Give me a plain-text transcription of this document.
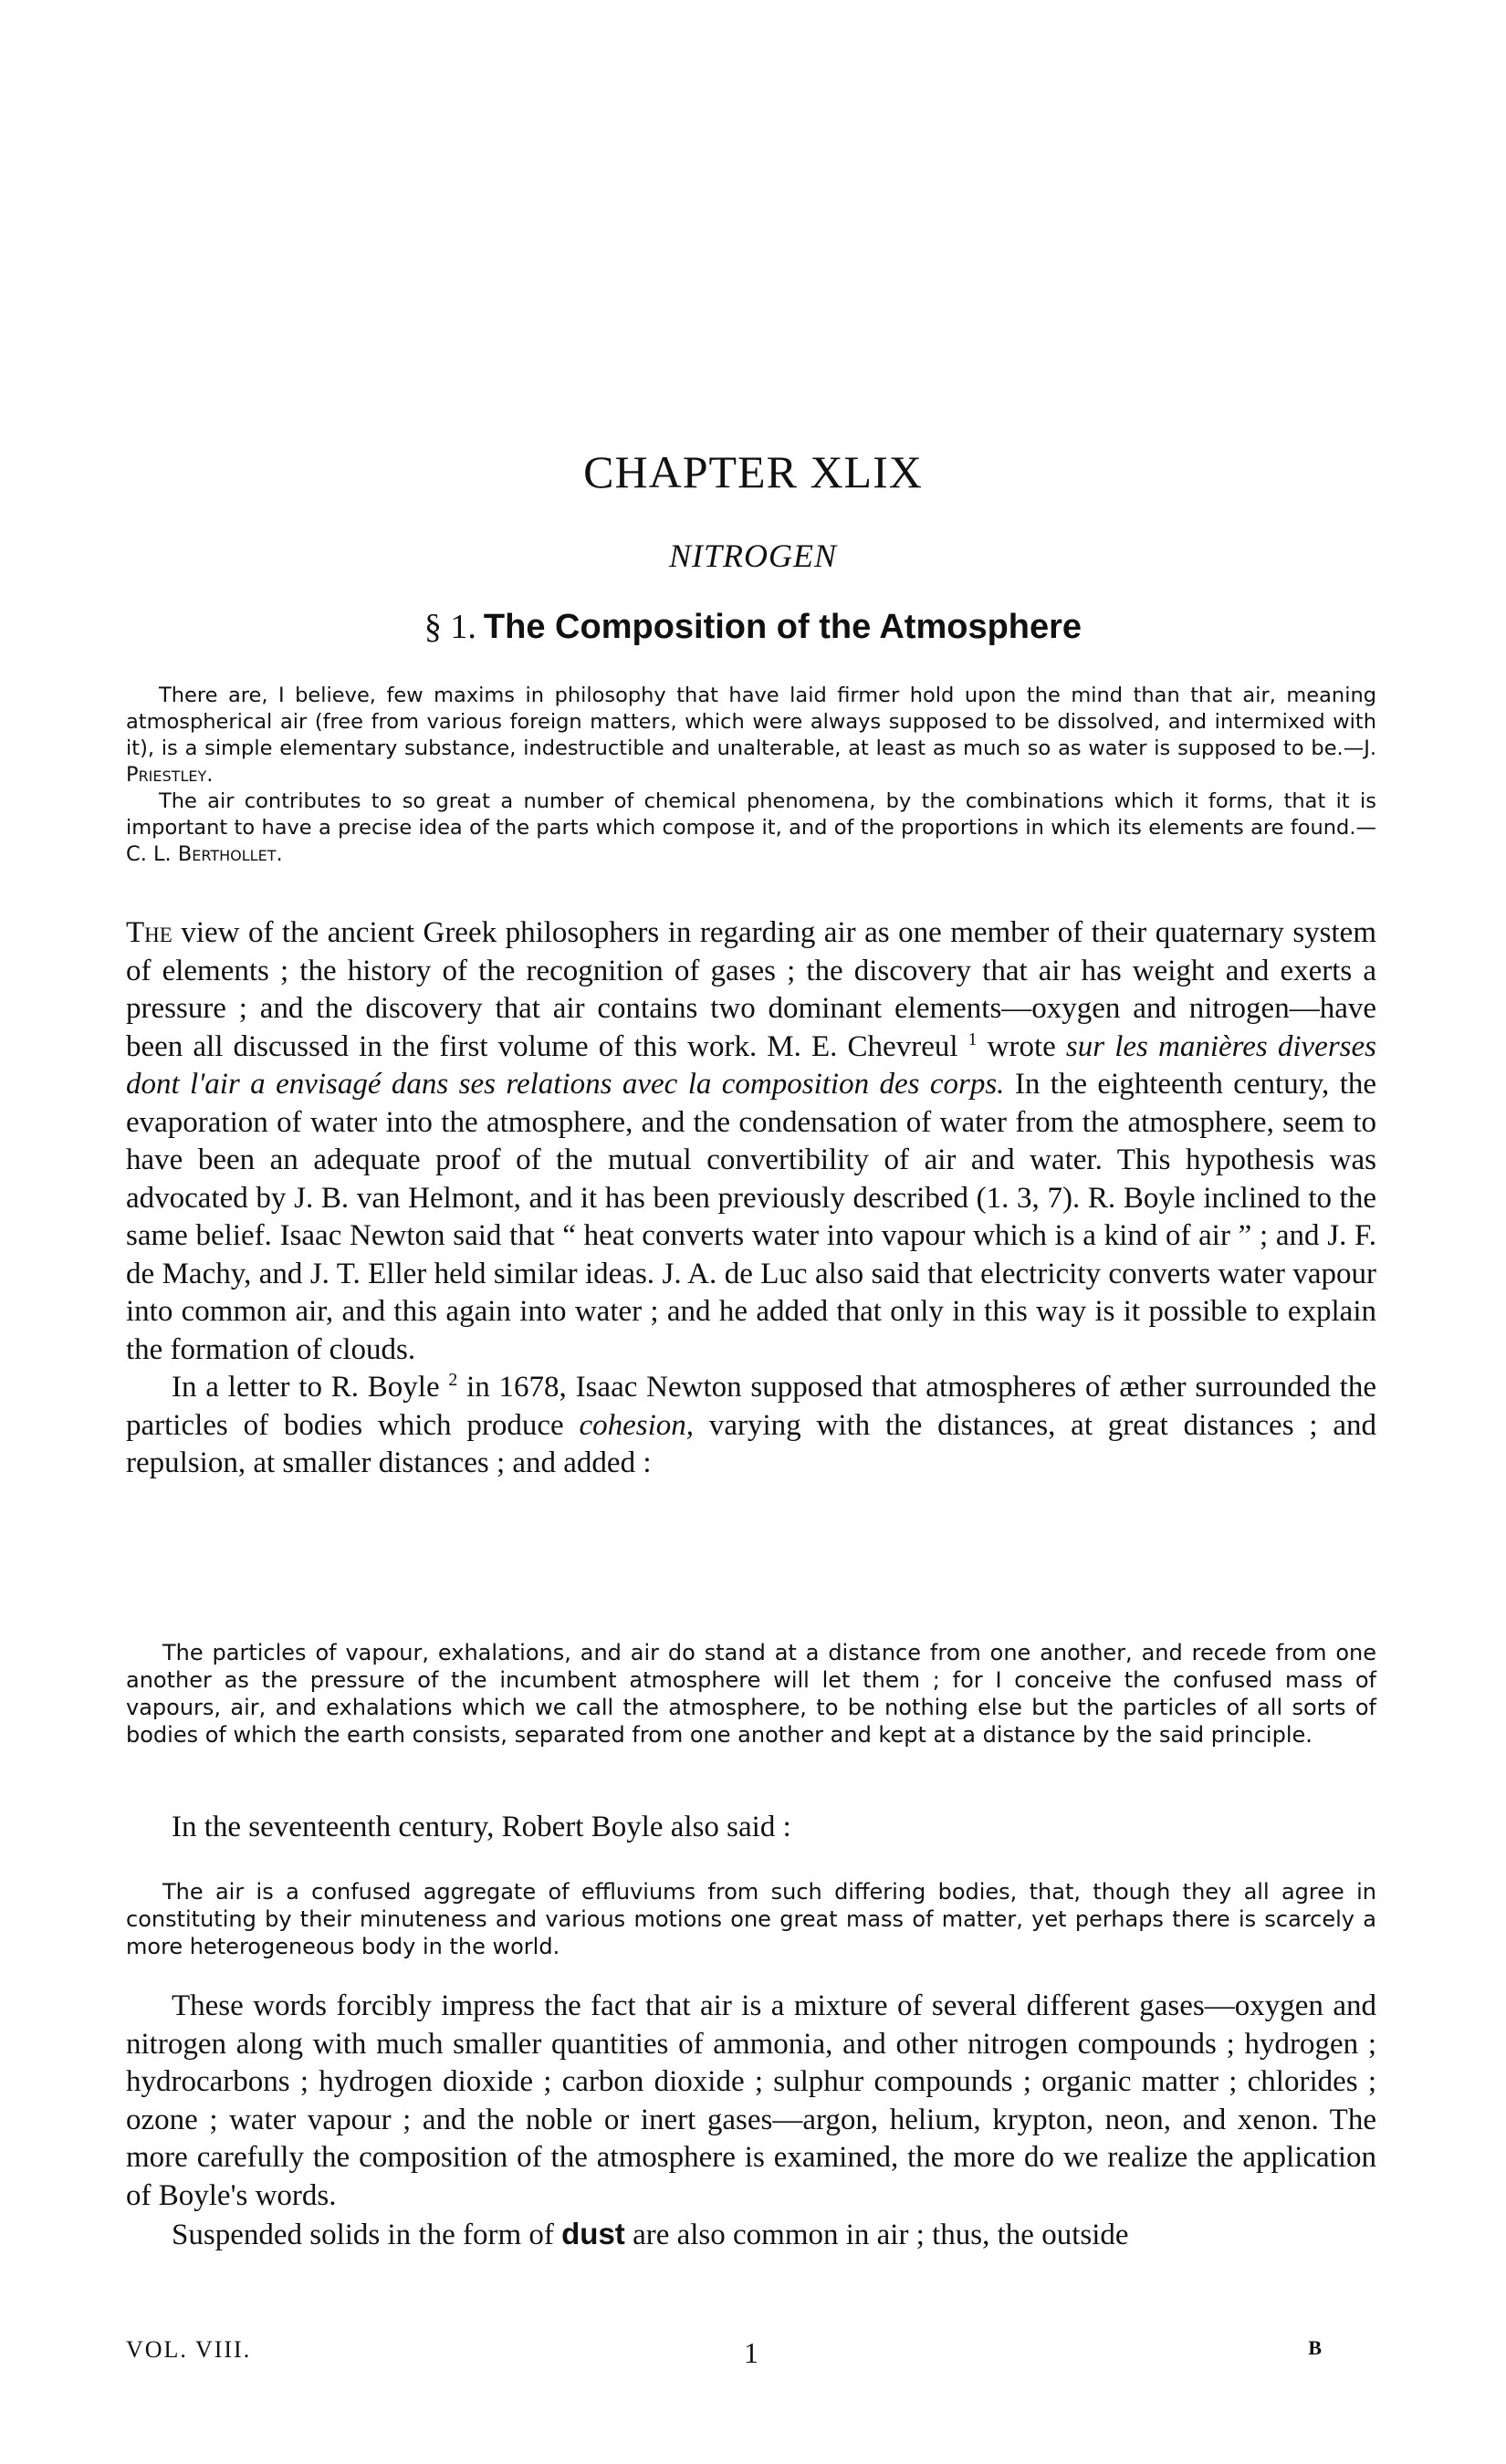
CHAPTER XLIX
NITROGEN
§ 1. The Composition of the Atmosphere

There are, I believe, few maxims in philosophy that have laid firmer hold upon the mind than that air, meaning atmospherical air (free from various foreign matters, which were always supposed to be dissolved, and intermixed with it), is a simple elementary substance, indestructible and unalterable, at least as much so as water is supposed to be.—J. Priestley.

The air contributes to so great a number of chemical phenomena, by the combinations which it forms, that it is important to have a precise idea of the parts which compose it, and of the proportions in which its elements are found.—C. L. Berthollet.

The view of the ancient Greek philosophers in regarding air as one member of their quaternary system of elements ; the history of the recognition of gases ; the discovery that air has weight and exerts a pressure ; and the discovery that air contains two dominant elements—oxygen and nitrogen—have been all discussed in the first volume of this work. M. E. Chevreul $^1$ wrote sur les manières diverses dont l'air a envisagé dans ses relations avec la composition des corps. In the eighteenth century, the evaporation of water into the atmosphere, and the condensation of water from the atmosphere, seem to have been an adequate proof of the mutual convertibility of air and water. This hypothesis was advocated by J. B. van Helmont, and it has been previously described (1. 3, 7). R. Boyle inclined to the same belief. Isaac Newton said that “ heat converts water into vapour which is a kind of air ” ; and J. F. de Machy, and J. T. Eller held similar ideas. J. A. de Luc also said that electricity converts water vapour into common air, and this again into water ; and he added that only in this way is it possible to explain the formation of clouds.

In a letter to R. Boyle $^2$ in 1678, Isaac Newton supposed that atmospheres of æther surrounded the particles of bodies which produce cohesion, varying with the distances, at great distances ; and repulsion, at smaller distances ; and added :

The particles of vapour, exhalations, and air do stand at a distance from one another, and recede from one another as the pressure of the incumbent atmosphere will let them ; for I conceive the confused mass of vapours, air, and exhalations which we call the atmosphere, to be nothing else but the particles of all sorts of bodies of which the earth consists, separated from one another and kept at a distance by the said principle.

In the seventeenth century, Robert Boyle also said :

The air is a confused aggregate of effluviums from such differing bodies, that, though they all agree in constituting by their minuteness and various motions one great mass of matter, yet perhaps there is scarcely a more heterogeneous body in the world.

These words forcibly impress the fact that air is a mixture of several different gases—oxygen and nitrogen along with much smaller quantities of ammonia, and other nitrogen compounds ; hydrogen ; hydrocarbons ; hydrogen dioxide ; carbon dioxide ; sulphur compounds ; organic matter ; chlorides ; ozone ; water vapour ; and the noble or inert gases—argon, helium, krypton, neon, and xenon. The more carefully the composition of the atmosphere is examined, the more do we realize the application of Boyle's words.

Suspended solids in the form of dust are also common in air ; thus, the outside

VOL. VIII.	1	B
